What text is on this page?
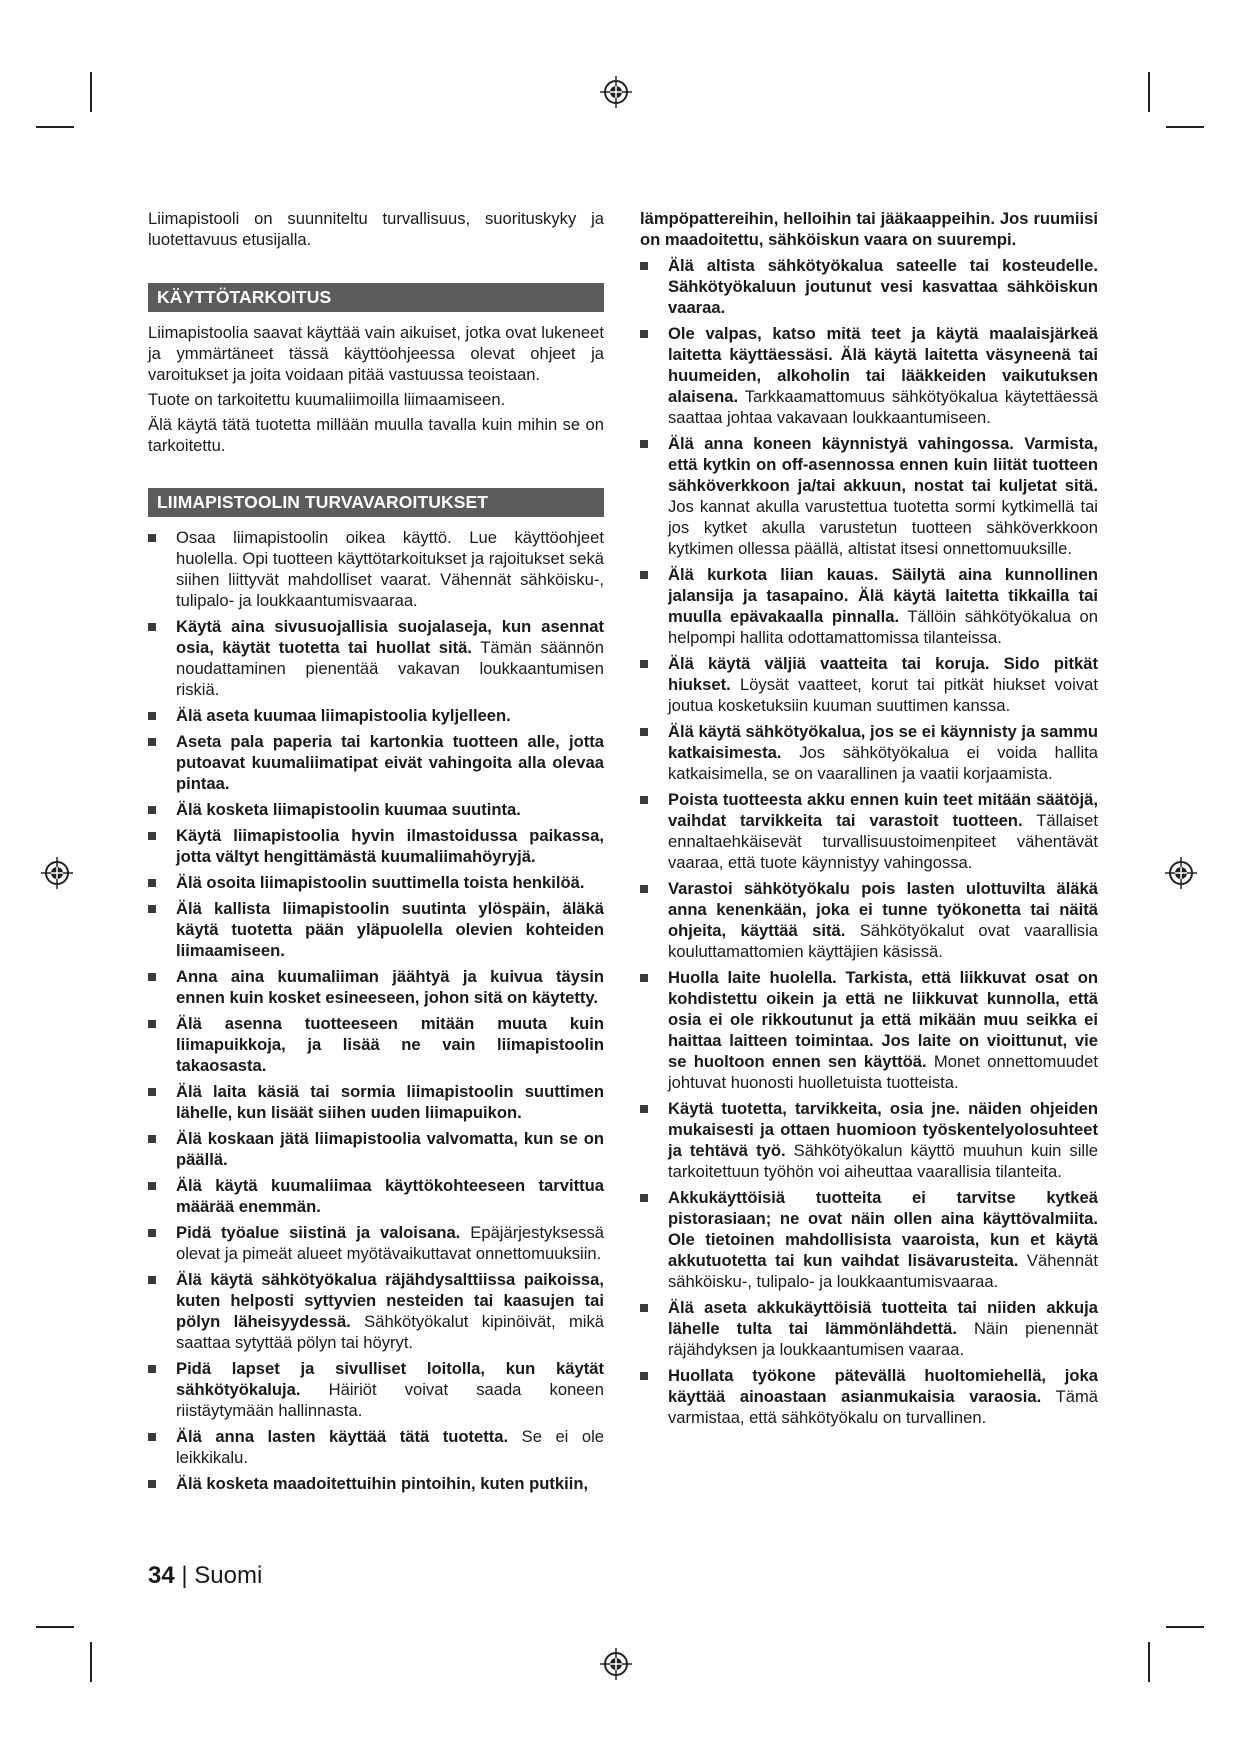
Liimapistooli on suunniteltu turvallisuus, suorituskyky ja luotettavuus etusijalla.

KÄYTTÖTARKOITUS

Liimapistoolia saavat käyttää vain aikuiset, jotka ovat lukeneet ja ymmärtäneet tässä käyttöohjeessa olevat ohjeet ja varoitukset ja joita voidaan pitää vastuussa teoistaan.

Tuote on tarkoitettu kuumaliimoilla liimaamiseen.

Älä käytä tätä tuotetta millään muulla tavalla kuin mihin se on tarkoitettu.

LIIMAPISTOOLIN TURVAVAROITUKSET
Osaa liimapistoolin oikea käyttö. Lue käyttöohjeet huolella. Opi tuotteen käyttötarkoitukset ja rajoitukset sekä siihen liittyvät mahdolliset vaarat. Vähennät sähköisku-, tulipalo- ja loukkaantumisvaaraa.
Käytä aina sivusuojallisia suojalaseja, kun asennat osia, käytät tuotetta tai huollat sitä. Tämän säännön noudattaminen pienentää vakavan loukkaantumisen riskiä.
Älä aseta kuumaa liimapistoolia kyljelleen.
Aseta pala paperia tai kartonkia tuotteen alle, jotta putoavat kuumaliimatipat eivät vahingoita alla olevaa pintaa.
Älä kosketa liimapistoolin kuumaa suutinta.
Käytä liimapistoolia hyvin ilmastoidussa paikassa, jotta vältyt hengittämästä kuumaliimahöyryjä.
Älä osoita liimapistoolin suuttimella toista henkilöä.
Älä kallista liimapistoolin suutinta ylöspäin, äläkä käytä tuotetta pään yläpuolella olevien kohteiden liimaamiseen.
Anna aina kuumaliiman jäähtyä ja kuivua täysin ennen kuin kosket esineeseen, johon sitä on käytetty.
Älä asenna tuotteeseen mitään muuta kuin liimapuikkoja, ja lisää ne vain liimapistoolin takaosasta.
Älä laita käsiä tai sormia liimapistoolin suuttimen lähelle, kun lisäät siihen uuden liimapuikon.
Älä koskaan jätä liimapistoolia valvomatta, kun se on päällä.
Älä käytä kuumaliimaa käyttökohteeseen tarvittua määrää enemmän.
Pidä työalue siistinä ja valoisana. Epäjärjestyksessä olevat ja pimeät alueet myötävaikuttavat onnettomuuksiin.
Älä käytä sähkötyökalua räjähdysalttiissa paikoissa, kuten helposti syttyvien nesteiden tai kaasujen tai pölyn läheisyydessä. Sähkötyökalut kipinöivät, mikä saattaa sytyttää pölyn tai höyryt.
Pidä lapset ja sivulliset loitolla, kun käytät sähkötyökaluja. Häiriöt voivat saada koneen riistäytymään hallinnasta.
Älä anna lasten käyttää tätä tuotetta. Se ei ole leikkikalu.
Älä kosketa maadoitettuihin pintoihin, kuten putkiin,
lämpöpattereihin, helloihin tai jääkaappeihin. Jos ruumiisi on maadoitettu, sähköiskun vaara on suurempi.
Älä altista sähkötyökalua sateelle tai kosteudelle. Sähkötyökaluun joutunut vesi kasvattaa sähköiskun vaaraa.
Ole valpas, katso mitä teet ja käytä maalaisjärkeä laitetta käyttäessäsi. Älä käytä laitetta väsyneenä tai huumeiden, alkoholin tai lääkkeiden vaikutuksen alaisena. Tarkkaamattomuus sähkötyökalua käytettäessä saattaa johtaa vakavaan loukkaantumiseen.
Älä anna koneen käynnistyä vahingossa. Varmista, että kytkin on off-asennossa ennen kuin liität tuotteen sähköverkkoon ja/tai akkuun, nostat tai kuljetat sitä. Jos kannat akulla varustettua tuotetta sormi kytkimellä tai jos kytket akulla varustetun tuotteen sähköverkkoon kytkimen ollessa päällä, altistat itsesi onnettomuuksille.
Älä kurkota liian kauas. Säilytä aina kunnollinen jalansija ja tasapaino. Älä käytä laitetta tikkailla tai muulla epävakaalla pinnalla. Tällöin sähkötyökalua on helpompi hallita odottamattomissa tilanteissa.
Älä käytä väljiä vaatteita tai koruja. Sido pitkät hiukset. Löysät vaatteet, korut tai pitkät hiukset voivat joutua kosketuksiin kuuman suuttimen kanssa.
Älä käytä sähkötyökalua, jos se ei käynnisty ja sammu katkaisimesta. Jos sähkötyökalua ei voida hallita katkaisimella, se on vaarallinen ja vaatii korjaamista.
Poista tuotteesta akku ennen kuin teet mitään säätöjä, vaihdat tarvikkeita tai varastoit tuotteen. Tällaiset ennaltaehkäisevät turvallisuustoimenpiteet vähentävät vaaraa, että tuote käynnistyy vahingossa.
Varastoi sähkötyökalu pois lasten ulottuvilta äläkä anna kenenkään, joka ei tunne työkonetta tai näitä ohjeita, käyttää sitä. Sähkötyökalut ovat vaarallisia kouluttamattomien käyttäjien käsissä.
Huolla laite huolella. Tarkista, että liikkuvat osat on kohdistettu oikein ja että ne liikkuvat kunnolla, että osia ei ole rikkoutunut ja että mikään muu seikka ei haittaa laitteen toimintaa. Jos laite on vioittunut, vie se huoltoon ennen sen käyttöä. Monet onnettomuudet johtuvat huonosti huolletuista tuotteista.
Käytä tuotetta, tarvikkeita, osia jne. näiden ohjeiden mukaisesti ja ottaen huomioon työskentelyolosuhteet ja tehtävä työ. Sähkötyökalun käyttö muuhun kuin sille tarkoitettuun työhön voi aiheuttaa vaarallisia tilanteita.
Akkukäyttöisiä tuotteita ei tarvitse kytkeä pistorasiaan; ne ovat näin ollen aina käyttövalmiita. Ole tietoinen mahdollisista vaaroista, kun et käytä akkutuotetta tai kun vaihdat lisävarusteita. Vähennät sähköisku-, tulipalo- ja loukkaantumisvaaraa.
Älä aseta akkukäyttöisiä tuotteita tai niiden akkuja lähelle tulta tai lämmönlähdettä. Näin pienennät räjähdyksen ja loukkaantumisen vaaraa.
Huollata työkone pätevällä huoltomiehellä, joka käyttää ainoastaan asianmukaisia varaosia. Tämä varmistaa, että sähkötyökalu on turvallinen.
34 | Suomi
